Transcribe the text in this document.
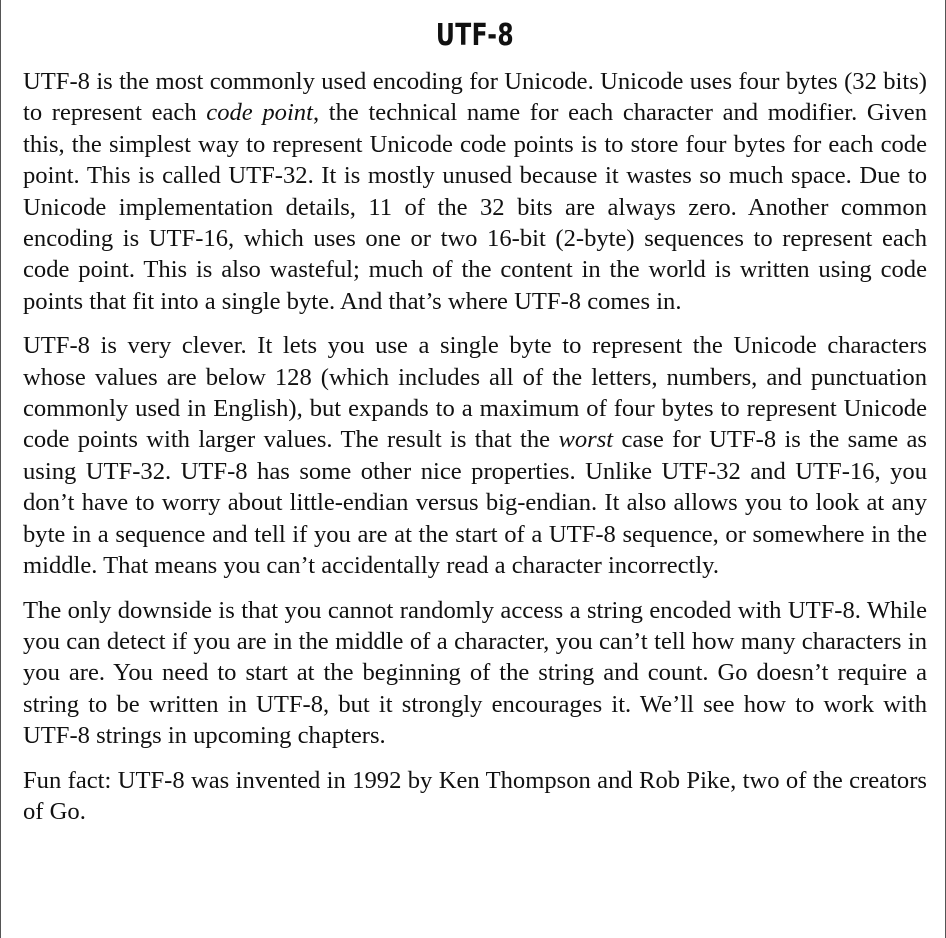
UTF-8

UTF-8 is the most commonly used encoding for Unicode. Unicode uses four bytes (32 bits) to represent each code point, the technical name for each character and modifier. Given this, the simplest way to represent Unicode code points is to store four bytes for each code point. This is called UTF-32. It is mostly unused because it wastes so much space. Due to Unicode implementation details, 11 of the 32 bits are always zero. Another common encoding is UTF-16, which uses one or two 16-bit (2-byte) sequences to represent each code point. This is also wasteful; much of the content in the world is written using code points that fit into a single byte. And that’s where UTF-8 comes in.

UTF-8 is very clever. It lets you use a single byte to represent the Unicode characters whose values are below 128 (which includes all of the letters, numbers, and punctuation commonly used in English), but expands to a maximum of four bytes to represent Unicode code points with larger values. The result is that the worst case for UTF-8 is the same as using UTF-32. UTF-8 has some other nice properties. Unlike UTF-32 and UTF-16, you don’t have to worry about little-endian versus big-endian. It also allows you to look at any byte in a sequence and tell if you are at the start of a UTF-8 sequence, or somewhere in the middle. That means you can’t accidentally read a character incorrectly.

The only downside is that you cannot randomly access a string encoded with UTF-8. While you can detect if you are in the middle of a character, you can’t tell how many characters in you are. You need to start at the beginning of the string and count. Go doesn’t require a string to be written in UTF-8, but it strongly encourages it. We’ll see how to work with UTF-8 strings in upcoming chapters.

Fun fact: UTF-8 was invented in 1992 by Ken Thompson and Rob Pike, two of the creators of Go.
